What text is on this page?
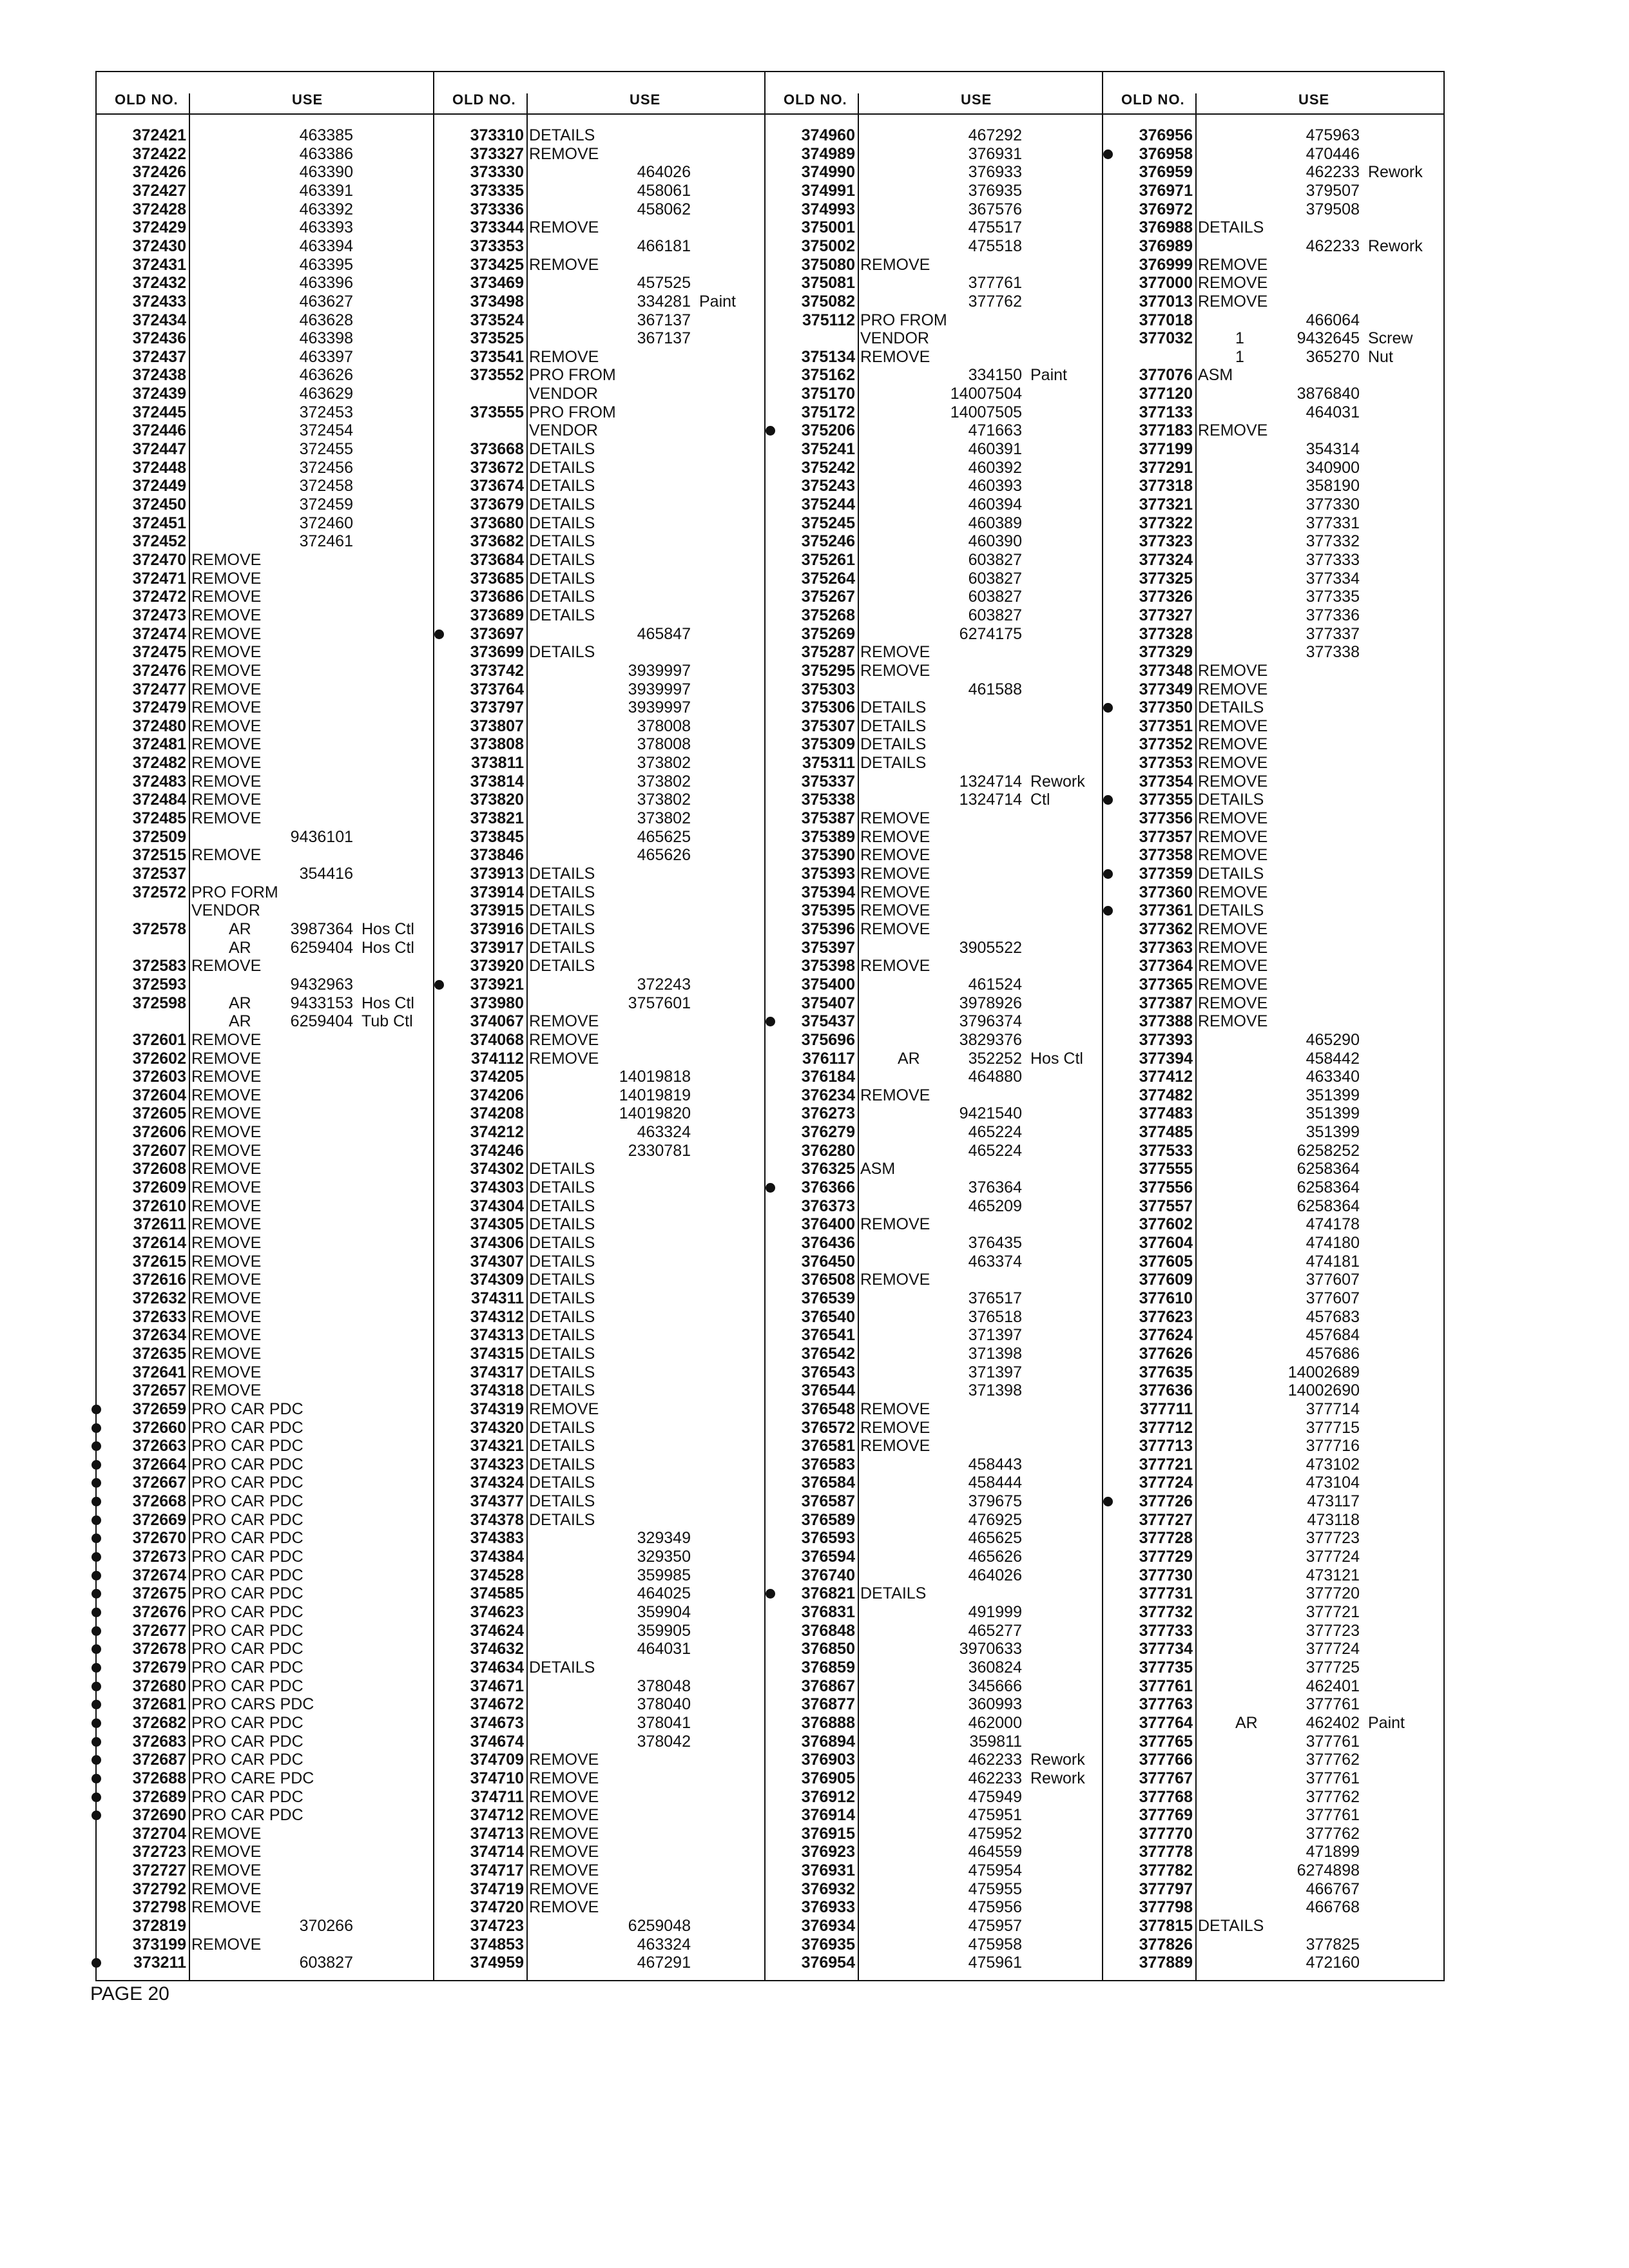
OLD NO.	USE
372421	463385
372422	463386
372426	463390
372427	463391
372428	463392
372429	463393
372430	463394
372431	463395
372432	463396
372433	463627
372434	463628
372436	463398
372437	463397
372438	463626
372439	463629
372445	372453
372446	372454
372447	372455
372448	372456
372449	372458
372450	372459
372451	372460
372452	372461
372470 REMOVE
372471 REMOVE
372472 REMOVE
372473 REMOVE
372474 REMOVE
372475 REMOVE
372476 REMOVE
372477 REMOVE
372479 REMOVE
372480 REMOVE
372481 REMOVE
372482 REMOVE
372483 REMOVE
372484 REMOVE
372485 REMOVE
372509	9436101
372515 REMOVE
372537	354416
372572 PRO FORM
VENDOR
372578	AR	3987364 Hos Ctl
AR	6259404 Hos Ctl
372583 REMOVE
372593	9432963
372598	AR	9433153 Hos Ctl
AR	6259404 Tub Ctl
372601 REMOVE
372602 REMOVE
372603 REMOVE
372604 REMOVE
372605 REMOVE
372606 REMOVE
372607 REMOVE
372608 REMOVE
372609 REMOVE
372610 REMOVE
372611 REMOVE
372614 REMOVE
372615 REMOVE
372616 REMOVE
372632 REMOVE
372633 REMOVE
372634 REMOVE
372635 REMOVE
372641 REMOVE
372657 REMOVE
372659 PRO CAR PDC
372660 PRO CAR PDC
372663 PRO CAR PDC
372664 PRO CAR PDC
372667 PRO CAR PDC
372668 PRO CAR PDC
372669 PRO CAR PDC
372670 PRO CAR PDC
372673 PRO CAR PDC
372674 PRO CAR PDC
372675 PRO CAR PDC
372676 PRO CAR PDC
372677 PRO CAR PDC
372678 PRO CAR PDC
372679 PRO CAR PDC
372680 PRO CAR PDC
372681 PRO CARS PDC
372682 PRO CAR PDC
372683 PRO CAR PDC
372687 PRO CAR PDC
372688 PRO CARE PDC
372689 PRO CAR PDC
372690 PRO CAR PDC
372704 REMOVE
372723 REMOVE
372727 REMOVE
372792 REMOVE
372798 REMOVE
372819	370266
373199 REMOVE
373211	603827
OLD NO.	USE
373310 DETAILS
373327 REMOVE
373330	464026
373335	458061
373336	458062
373344 REMOVE
373353	466181
373425 REMOVE
373469	457525
373498	334281 Paint
373524	367137
373525	367137
373541 REMOVE
373552 PRO FROM
VENDOR
373555 PRO FROM
VENDOR
373668 DETAILS
373672 DETAILS
373674 DETAILS
373679 DETAILS
373680 DETAILS
373682 DETAILS
373684 DETAILS
373685 DETAILS
373686 DETAILS
373689 DETAILS
373697	465847
373699 DETAILS
373742	3939997
373764	3939997
373797	3939997
373807	378008
373808	378008
373811	373802
373814	373802
373820	373802
373821	373802
373845	465625
373846	465626
373913 DETAILS
373914 DETAILS
373915 DETAILS
373916 DETAILS
373917 DETAILS
373920 DETAILS
373921	372243
373980	3757601
374067 REMOVE
374068 REMOVE
374112 REMOVE
374205	14019818
374206	14019819
374208	14019820
374212	463324
374246	2330781
374302 DETAILS
374303 DETAILS
374304 DETAILS
374305 DETAILS
374306 DETAILS
374307 DETAILS
374309 DETAILS
374311 DETAILS
374312 DETAILS
374313 DETAILS
374315 DETAILS
374317 DETAILS
374318 DETAILS
374319 REMOVE
374320 DETAILS
374321 DETAILS
374323 DETAILS
374324 DETAILS
374377 DETAILS
374378 DETAILS
374383	329349
374384	329350
374528	359985
374585	464025
374623	359904
374624	359905
374632	464031
374634 DETAILS
374671	378048
374672	378040
374673	378041
374674	378042
374709 REMOVE
374710 REMOVE
374711 REMOVE
374712 REMOVE
374713 REMOVE
374714 REMOVE
374717 REMOVE
374719 REMOVE
374720 REMOVE
374723	6259048
374853	463324
374959	467291
OLD NO.	USE
374960	467292
374989	376931
374990	376933
374991	376935
374993	367576
375001	475517
375002	475518
375080 REMOVE
375081	377761
375082	377762
375112 PRO FROM
VENDOR
375134 REMOVE
375162	334150 Paint
375170	14007504
375172	14007505
375206	471663
375241	460391
375242	460392
375243	460393
375244	460394
375245	460389
375246	460390
375261	603827
375264	603827
375267	603827
375268	603827
375269	6274175
375287 REMOVE
375295 REMOVE
375303	461588
375306 DETAILS
375307 DETAILS
375309 DETAILS
375311 DETAILS
375337	1324714 Rework
375338	1324714 Ctl
375387 REMOVE
375389 REMOVE
375390 REMOVE
375393 REMOVE
375394 REMOVE
375395 REMOVE
375396 REMOVE
375397	3905522
375398 REMOVE
375400	461524
375407	3978926
375437	3796374
375696	3829376
376117	AR	352252 Hos Ctl
376184	464880
376234 REMOVE
376273	9421540
376279	465224
376280	465224
376325 ASM
376366	376364
376373	465209
376400 REMOVE
376436	376435
376450	463374
376508 REMOVE
376539	376517
376540	376518
376541	371397
376542	371398
376543	371397
376544	371398
376548 REMOVE
376572 REMOVE
376581 REMOVE
376583	458443
376584	458444
376587	379675
376589	476925
376593	465625
376594	465626
376740	464026
376821 DETAILS
376831	491999
376848	465277
376850	3970633
376859	360824
376867	345666
376877	360993
376888	462000
376894	359811
376903	462233 Rework
376905	462233 Rework
376912	475949
376914	475951
376915	475952
376923	464559
376931	475954
376932	475955
376933	475956
376934	475957
376935	475958
376954	475961
OLD NO.	USE
376956	475963
376958	470446
376959	462233 Rework
376971	379507
376972	379508
376988 DETAILS
376989	462233 Rework
376999 REMOVE
377000 REMOVE
377013 REMOVE
377018	466064
377032	1	9432645 Screw
1	365270 Nut
377076 ASM
377120	3876840
377133	464031
377183 REMOVE
377199	354314
377291	340900
377318	358190
377321	377330
377322	377331
377323	377332
377324	377333
377325	377334
377326	377335
377327	377336
377328	377337
377329	377338
377348 REMOVE
377349 REMOVE
377350 DETAILS
377351 REMOVE
377352 REMOVE
377353 REMOVE
377354 REMOVE
377355 DETAILS
377356 REMOVE
377357 REMOVE
377358 REMOVE
377359 DETAILS
377360 REMOVE
377361 DETAILS
377362 REMOVE
377363 REMOVE
377364 REMOVE
377365 REMOVE
377387 REMOVE
377388 REMOVE
377393	465290
377394	458442
377412	463340
377482	351399
377483	351399
377485	351399
377533	6258252
377555	6258364
377556	6258364
377557	6258364
377602	474178
377604	474180
377605	474181
377609	377607
377610	377607
377623	457683
377624	457684
377626	457686
377635	14002689
377636	14002690
377711	377714
377712	377715
377713	377716
377721	473102
377724	473104
377726	473117
377727	473118
377728	377723
377729	377724
377730	473121
377731	377720
377732	377721
377733	377723
377734	377724
377735	377725
377761	462401
377763	377761
377764	AR	462402 Paint
377765	377761
377766	377762
377767	377761
377768	377762
377769	377761
377770	377762
377778	471899
377782	6274898
377797	466767
377798	466768
377815 DETAILS
377826	377825
377889	472160
PAGE 20
